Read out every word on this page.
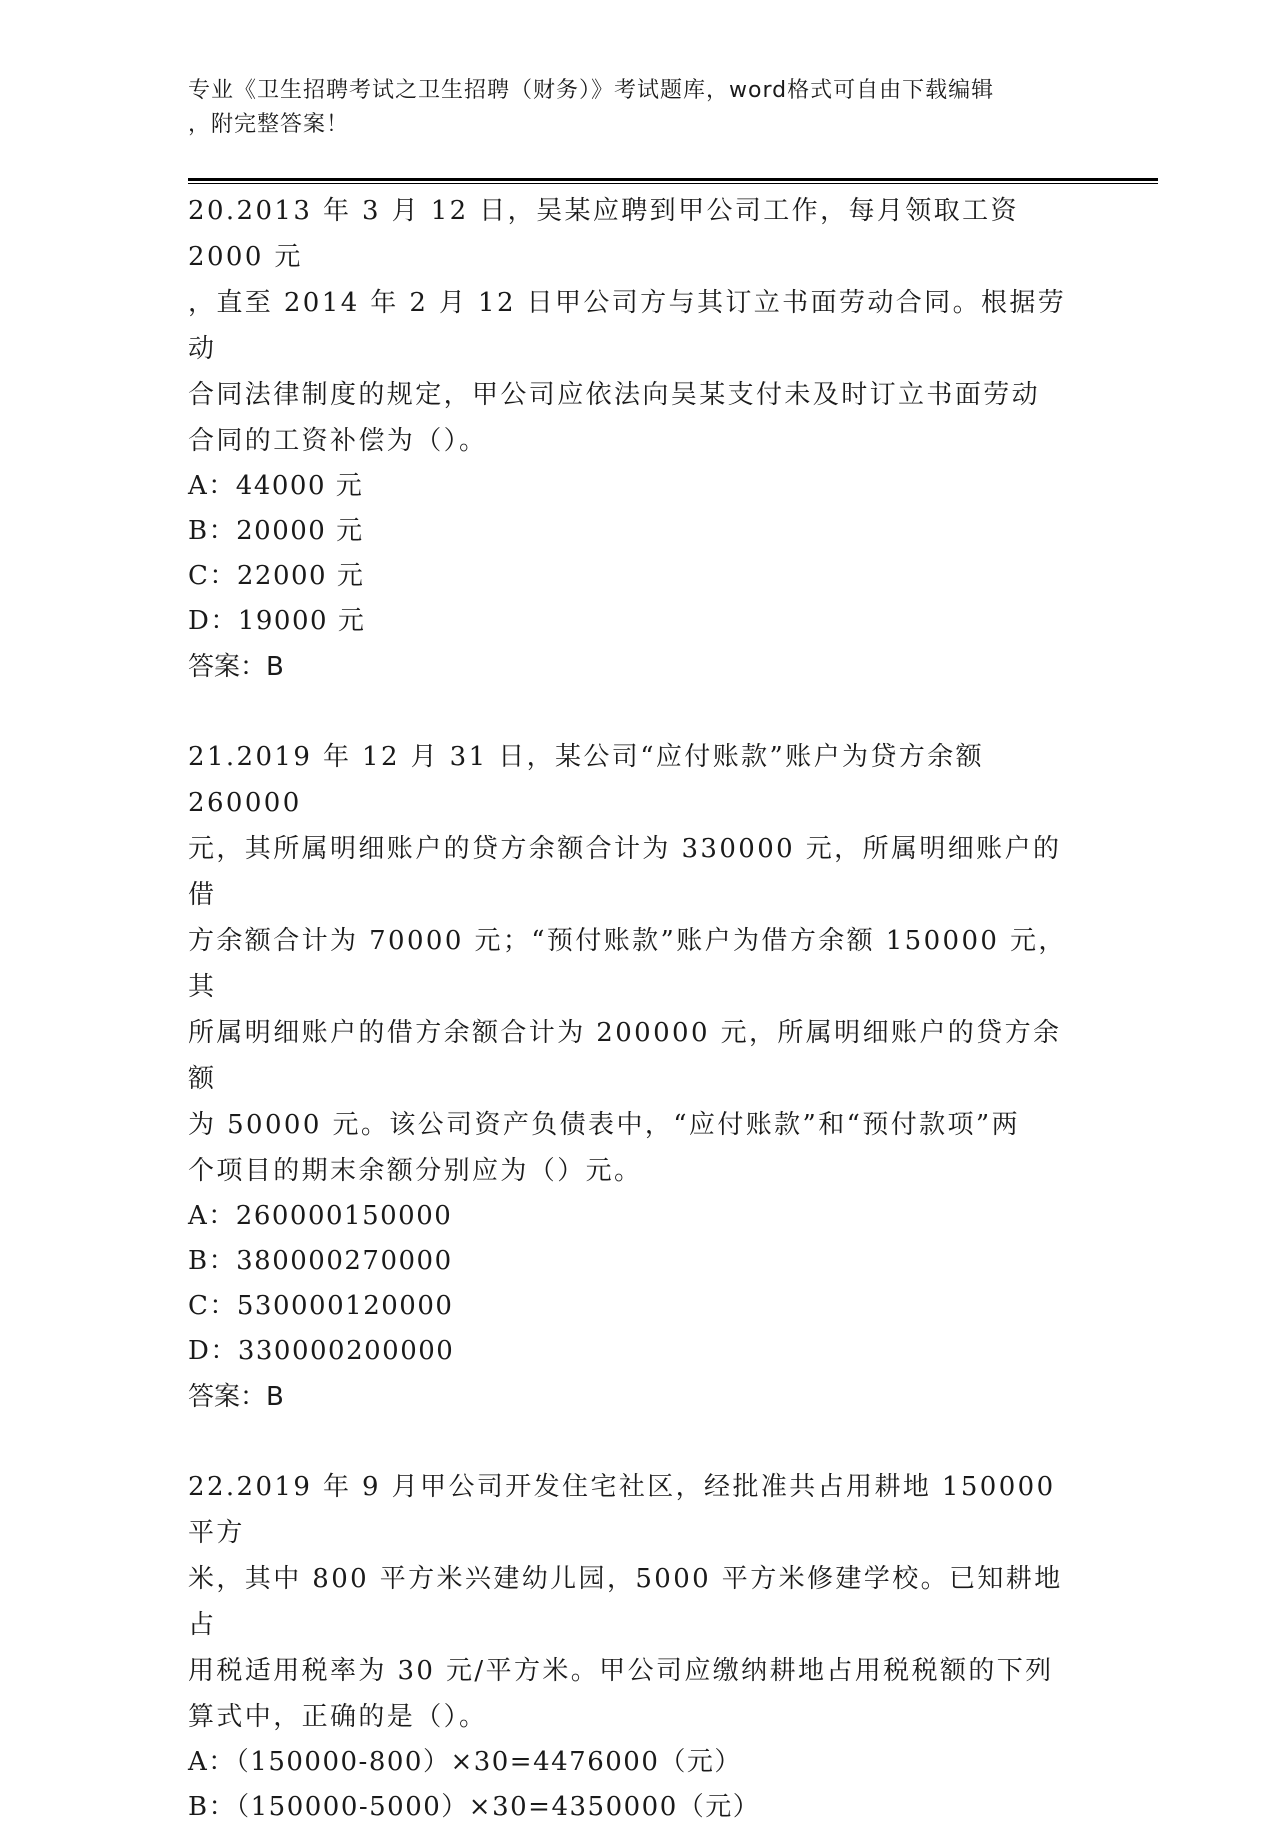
专业《卫生招聘考试之卫生招聘（财务）》考试题库，word格式可自由下载编辑
，附完整答案！

20.2013 年 3 月 12 日，吴某应聘到甲公司工作，每月领取工资 2000 元

，直至 2014 年 2 月 12 日甲公司方与其订立书面劳动合同。根据劳动

合同法律制度的规定，甲公司应依法向吴某支付未及时订立书面劳动

合同的工资补偿为（）。

A：44000 元

B：20000 元

C：22000 元

D：19000 元

答案：B

21.2019 年 12 月 31 日，某公司“应付账款”账户为贷方余额 260000

元，其所属明细账户的贷方余额合计为 330000 元，所属明细账户的借

方余额合计为 70000 元；“预付账款”账户为借方余额 150000 元，其

所属明细账户的借方余额合计为 200000 元，所属明细账户的贷方余额

为 50000 元。该公司资产负债表中，“应付账款”和“预付款项”两

个项目的期末余额分别应为（）元。

A：260000150000

B：380000270000

C：530000120000

D：330000200000

答案：B

22.2019 年 9 月甲公司开发住宅社区，经批准共占用耕地 150000 平方

米，其中 800 平方米兴建幼儿园，5000 平方米修建学校。已知耕地占

用税适用税率为 30 元/平方米。甲公司应缴纳耕地占用税税额的下列

算式中，正确的是（）。

A：（150000-800）×30=4476000（元）

B：（150000-5000）×30=4350000（元）
